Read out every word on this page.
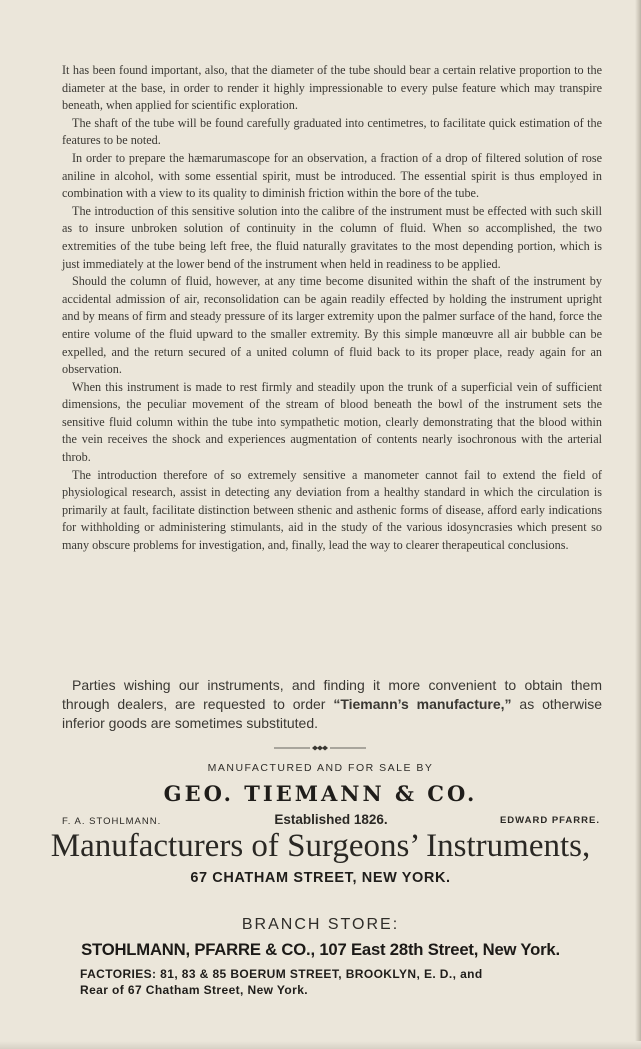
It has been found important, also, that the diameter of the tube should bear a certain relative proportion to the diameter at the base, in order to render it highly impressionable to every pulse feature which may transpire beneath, when applied for scientific exploration.

The shaft of the tube will be found carefully graduated into centimetres, to facilitate quick estimation of the features to be noted.

In order to prepare the hæmarumascope for an observation, a fraction of a drop of filtered solution of rose aniline in alcohol, with some essential spirit, must be introduced. The essential spirit is thus employed in combination with a view to its quality to diminish friction within the bore of the tube.

The introduction of this sensitive solution into the calibre of the instrument must be effected with such skill as to insure unbroken solution of continuity in the column of fluid. When so accomplished, the two extremities of the tube being left free, the fluid naturally gravitates to the most depending portion, which is just immediately at the lower bend of the instrument when held in readiness to be applied.

Should the column of fluid, however, at any time become disunited within the shaft of the instrument by accidental admission of air, reconsolidation can be again readily effected by holding the instrument upright and by means of firm and steady pressure of its larger extremity upon the palmer surface of the hand, force the entire volume of the fluid upward to the smaller extremity. By this simple manœuvre all air bubble can be expelled, and the return secured of a united column of fluid back to its proper place, ready again for an observation.

When this instrument is made to rest firmly and steadily upon the trunk of a superficial vein of sufficient dimensions, the peculiar movement of the stream of blood beneath the bowl of the instrument sets the sensitive fluid column within the tube into sympathetic motion, clearly demonstrating that the blood within the vein receives the shock and experiences augmentation of contents nearly isochronous with the arterial throb.

The introduction therefore of so extremely sensitive a manometer cannot fail to extend the field of physiological research, assist in detecting any deviation from a healthy standard in which the circulation is primarily at fault, facilitate distinction between sthenic and asthenic forms of disease, afford early indications for withholding or administering stimulants, aid in the study of the various idosyncrasies which present so many obscure problems for investigation, and, finally, lead the way to clearer therapeutical conclusions.

Parties wishing our instruments, and finding it more convenient to obtain them through dealers, are requested to order “Tiemann’s manufacture,” as otherwise inferior goods are sometimes substituted.

MANUFACTURED AND FOR SALE BY
GEO. TIEMANN & CO.
F. A. STOHLMANN.	Established 1826.	EDWARD PFARRE.
Manufacturers of Surgeons’ Instruments,
67 CHATHAM STREET, NEW YORK.
BRANCH STORE:
STOHLMANN, PFARRE & CO., 107 East 28th Street, New York.
FACTORIES: 81, 83 & 85 BOERUM STREET, BROOKLYN, E. D., and
Rear of 67 Chatham Street, New York.
